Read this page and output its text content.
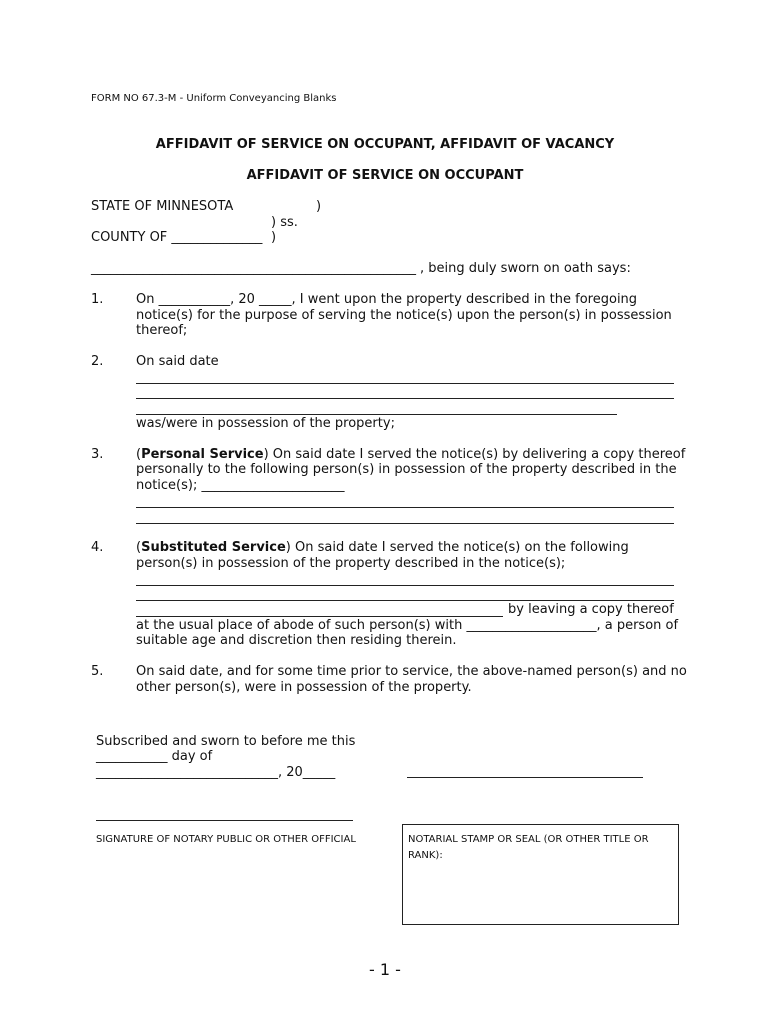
FORM NO 67.3-M - Uniform Conveyancing Blanks
AFFIDAVIT OF SERVICE ON OCCUPANT, AFFIDAVIT OF VACANCY
AFFIDAVIT OF SERVICE ON OCCUPANT
STATE OF MINNESOTA	)
) ss.
COUNTY OF ______________ )
__________________________________________________ , being duly sworn on oath says:
1.	On ___________, 20 _____, I went upon the property described in the foregoing
notice(s) for the purpose of serving the notice(s) upon the person(s) in possession
thereof;
2.	On said date
was/were in possession of the property;
3.	(Personal Service) On said date I served the notice(s) by delivering a copy thereof
personally to the following person(s) in possession of the property described in the
notice(s); ______________________
4.	(Substituted Service) On said date I served the notice(s) on the following
person(s) in possession of the property described in the notice(s);
by leaving a copy thereof
at the usual place of abode of such person(s) with ____________________, a person of
suitable age and discretion then residing therein.
5.	On said date, and for some time prior to service, the above-named person(s) and no
other person(s), were in possession of the property.
Subscribed and sworn to before me this
___________ day of
____________________________, 20_____
SIGNATURE OF NOTARY PUBLIC OR OTHER OFFICIAL	NOTARIAL STAMP OR SEAL (OR OTHER TITLE OR
RANK):
- 1 -
